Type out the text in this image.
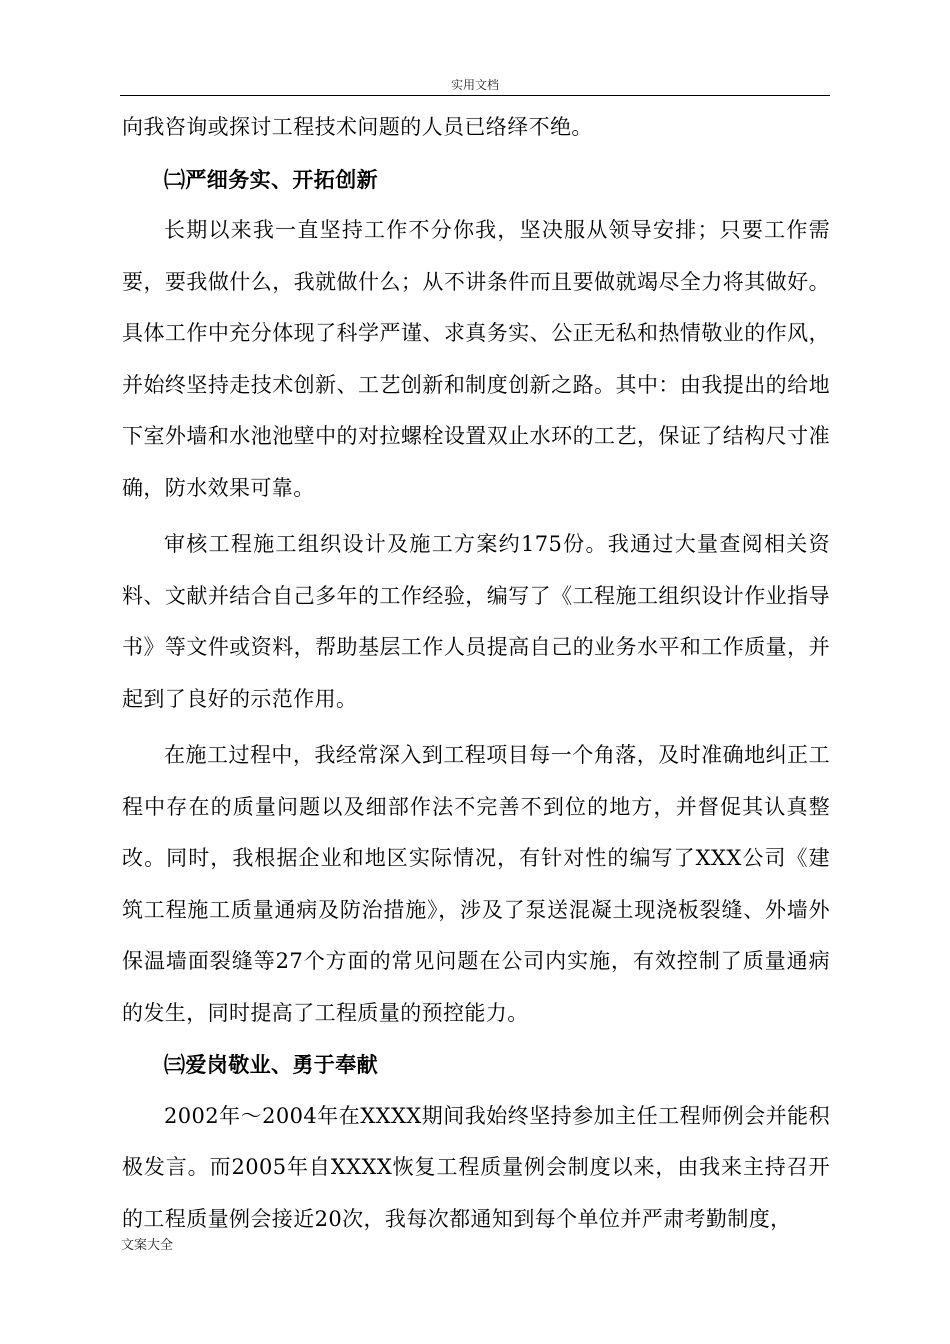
实用文档

向我咨询或探讨工程技术问题的人员已络绎不绝。

㈡严细务实、开拓创新

长期以来我一直坚持工作不分你我，坚决服从领导安排；只要工作需要，要我做什么，我就做什么；从不讲条件而且要做就竭尽全力将其做好。具体工作中充分体现了科学严谨、求真务实、公正无私和热情敬业的作风，并始终坚持走技术创新、工艺创新和制度创新之路。其中：由我提出的给地下室外墙和水池池壁中的对拉螺栓设置双止水环的工艺，保证了结构尺寸准确，防水效果可靠。

审核工程施工组织设计及施工方案约175份。我通过大量查阅相关资料、文献并结合自己多年的工作经验，编写了《工程施工组织设计作业指导书》等文件或资料，帮助基层工作人员提高自己的业务水平和工作质量，并起到了良好的示范作用。

在施工过程中，我经常深入到工程项目每一个角落，及时准确地纠正工程中存在的质量问题以及细部作法不完善不到位的地方，并督促其认真整改。同时，我根据企业和地区实际情况，有针对性的编写了XXX公司《建筑工程施工质量通病及防治措施》，涉及了泵送混凝土现浇板裂缝、外墙外保温墙面裂缝等27个方面的常见问题在公司内实施，有效控制了质量通病的发生，同时提高了工程质量的预控能力。

㈢爱岗敬业、勇于奉献

2002年～2004年在XXXX期间我始终坚持参加主任工程师例会并能积极发言。而2005年自XXXX恢复工程质量例会制度以来，由我来主持召开的工程质量例会接近20次，我每次都通知到每个单位并严肃考勤制度，

文案大全
